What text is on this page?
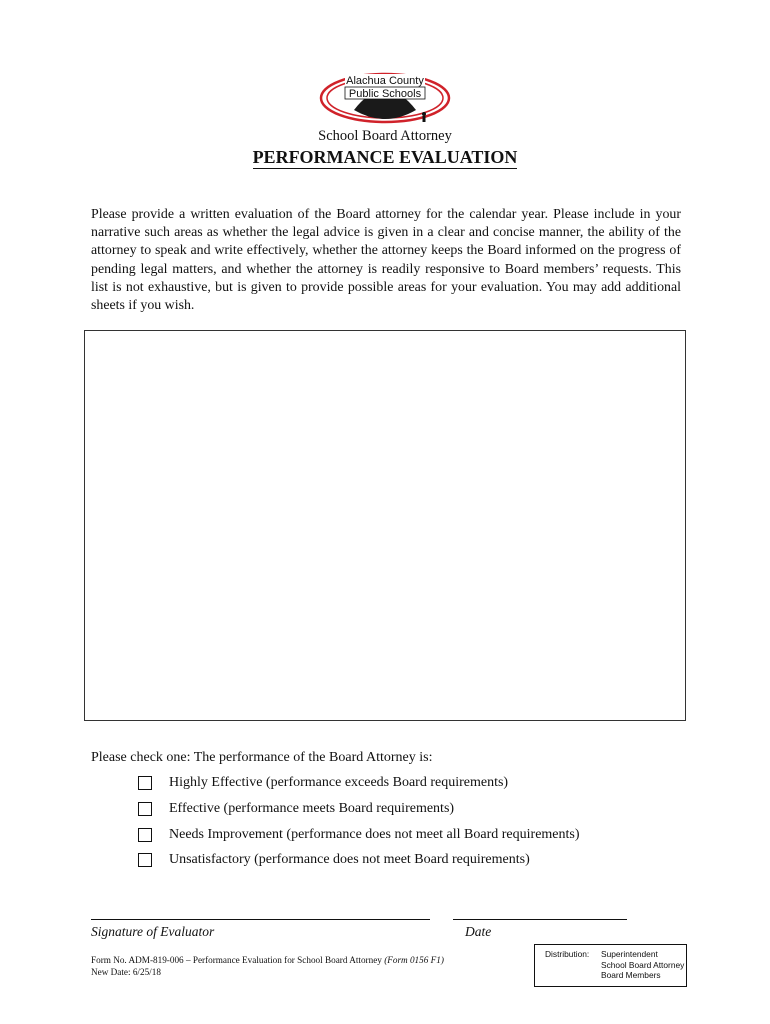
Alachua County
Public Schools
School Board Attorney
PERFORMANCE EVALUATION
Please provide a written evaluation of the Board attorney for the calendar year. Please include in your narrative such areas as whether the legal advice is given in a clear and concise manner, the ability of the attorney to speak and write effectively, whether the attorney keeps the Board informed on the progress of pending legal matters, and whether the attorney is readily responsive to Board members’ requests. This list is not exhaustive, but is given to provide possible areas for your evaluation. You may add additional sheets if you wish.
Please check one: The performance of the Board Attorney is:
Highly Effective (performance exceeds Board requirements)
Effective (performance meets Board requirements)
Needs Improvement (performance does not meet all Board requirements)
Unsatisfactory (performance does not meet Board requirements)
Signature of Evaluator	Date
Form No. ADM-819-006 – Performance Evaluation for School Board Attorney (Form 0156 F1)
New Date: 6/25/18
Distribution: Superintendent
School Board Attorney
Board Members
